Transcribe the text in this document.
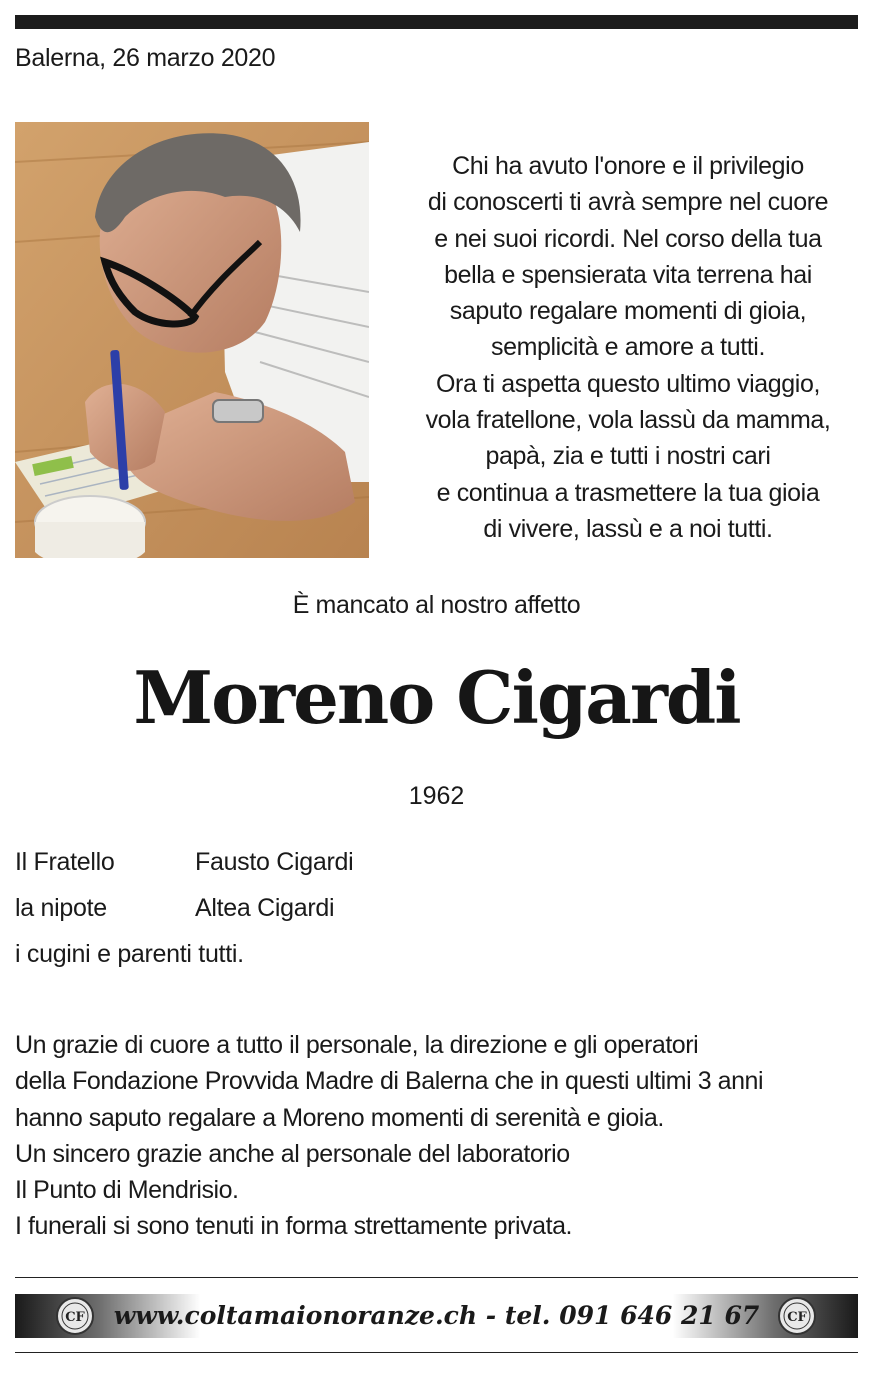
Balerna, 26 marzo 2020
Chi ha avuto l'onore e il privilegio
di conoscerti ti avrà sempre nel cuore
e nei suoi ricordi. Nel corso della tua
bella e spensierata vita terrena hai
saputo regalare momenti di gioia,
semplicità e amore a tutti.
Ora ti aspetta questo ultimo viaggio,
vola fratellone, vola lassù da mamma,
papà, zia e tutti i nostri cari
e continua a trasmettere la tua gioia
di vivere, lassù e a noi tutti.
È mancato al nostro affetto
Moreno Cigardi
1962
Il Fratello	Fausto Cigardi
la nipote	Altea Cigardi
i cugini e parenti tutti.
Un grazie di cuore a tutto il personale, la direzione e gli operatori
della Fondazione Provvida Madre di Balerna che in questi ultimi 3 anni
hanno saputo regalare a Moreno momenti di serenità e gioia.
Un sincero grazie anche al personale del laboratorio
Il Punto di Mendrisio.
I funerali si sono tenuti in forma strettamente privata.
CF	www.coltamaionoranze.ch - tel. 091 646 21 67	CF
